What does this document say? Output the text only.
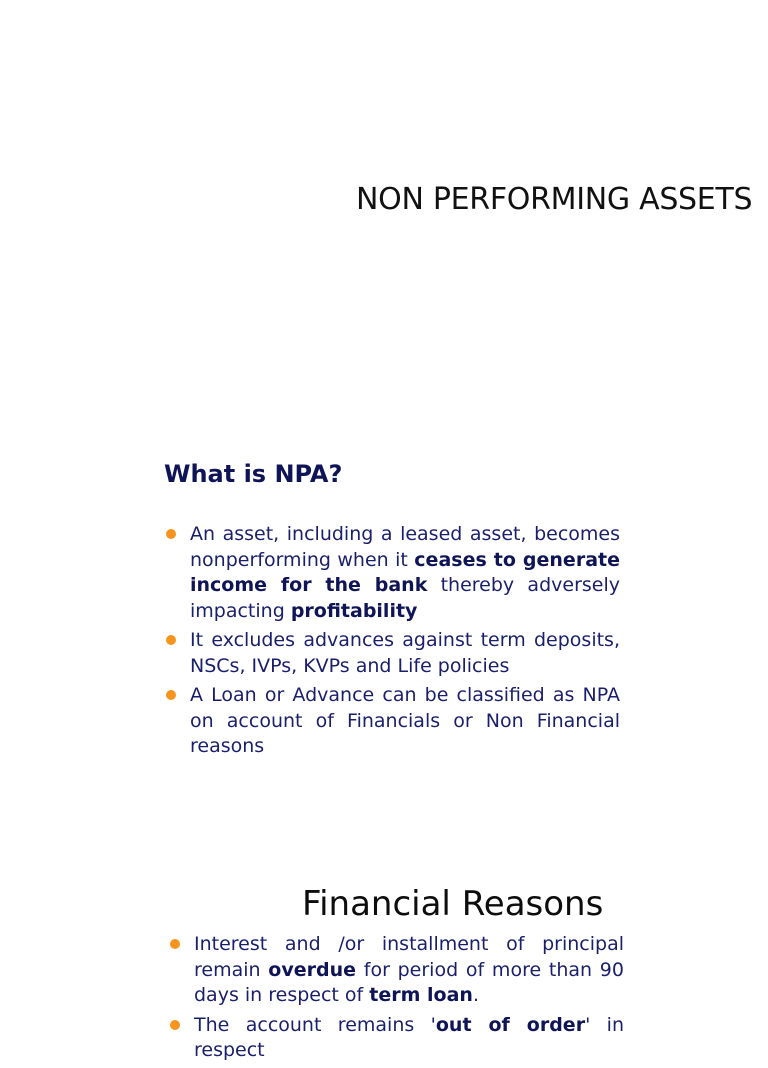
NON PERFORMING ASSETS
What is NPA?
An asset, including a leased asset, becomes nonperforming when it ceases to generate income for the bank thereby adversely impacting profitability
It excludes advances against term deposits, NSCs, IVPs, KVPs and Life policies
A Loan or Advance can be classified as NPA on account of Financials or Non Financial reasons
Financial Reasons
Interest and /or installment of principal remain overdue for period of more than 90 days in respect of term loan.
The account remains 'out of order' in respect
